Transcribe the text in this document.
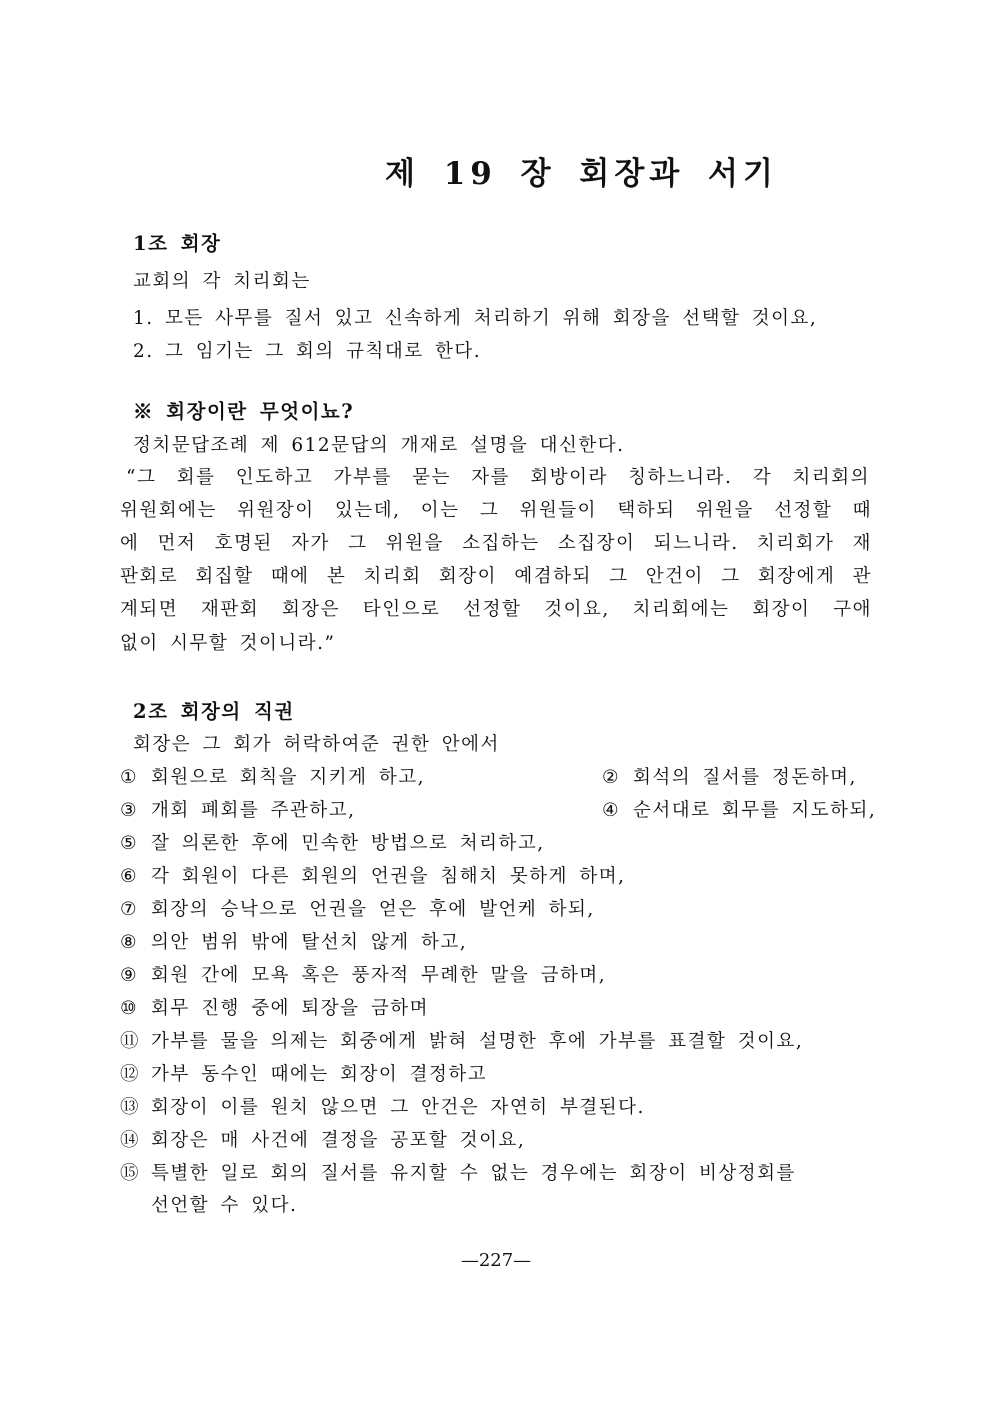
제 19 장 회장과 서기

1조 회장

교회의 각 치리회는

1. 모든 사무를 질서 있고 신속하게 처리하기 위해 회장을 선택할 것이요,

2. 그 임기는 그 회의 규칙대로 한다.

※ 회장이란 무엇이뇨?

정치문답조례 제 612문답의 개재로 설명을 대신한다.

“그 회를 인도하고 가부를 묻는 자를 회방이라 칭하느니라. 각 치리회의

위원회에는 위원장이 있는데, 이는 그 위원들이 택하되 위원을 선정할 때

에 먼저 호명된 자가 그 위원을 소집하는 소집장이 되느니라. 치리회가 재

판회로 회집할 때에 본 치리회 회장이 예겸하되 그 안건이 그 회장에게 관

계되면 재판회 회장은 타인으로 선정할 것이요, 치리회에는 회장이 구애

없이 시무할 것이니라.”

2조 회장의 직권

회장은 그 회가 허락하여준 권한 안에서

① 회원으로 회칙을 지키게 하고,	② 회석의 질서를 정돈하며,

③ 개회 폐회를 주관하고,	④ 순서대로 회무를 지도하되,

⑤ 잘 의론한 후에 민속한 방법으로 처리하고,

⑥ 각 회원이 다른 회원의 언권을 침해치 못하게 하며,

⑦ 회장의 승낙으로 언권을 얻은 후에 발언케 하되,

⑧ 의안 범위 밖에 탈선치 않게 하고,

⑨ 회원 간에 모욕 혹은 풍자적 무례한 말을 금하며,

⑩ 회무 진행 중에 퇴장을 금하며

⑪ 가부를 물을 의제는 회중에게 밝혀 설명한 후에 가부를 표결할 것이요,

⑫ 가부 동수인 때에는 회장이 결정하고

⑬ 회장이 이를 원치 않으면 그 안건은 자연히 부결된다.

⑭ 회장은 매 사건에 결정을 공포할 것이요,

⑮ 특별한 일로 회의 질서를 유지할 수 없는 경우에는 회장이 비상정회를

선언할 수 있다.

—227—
